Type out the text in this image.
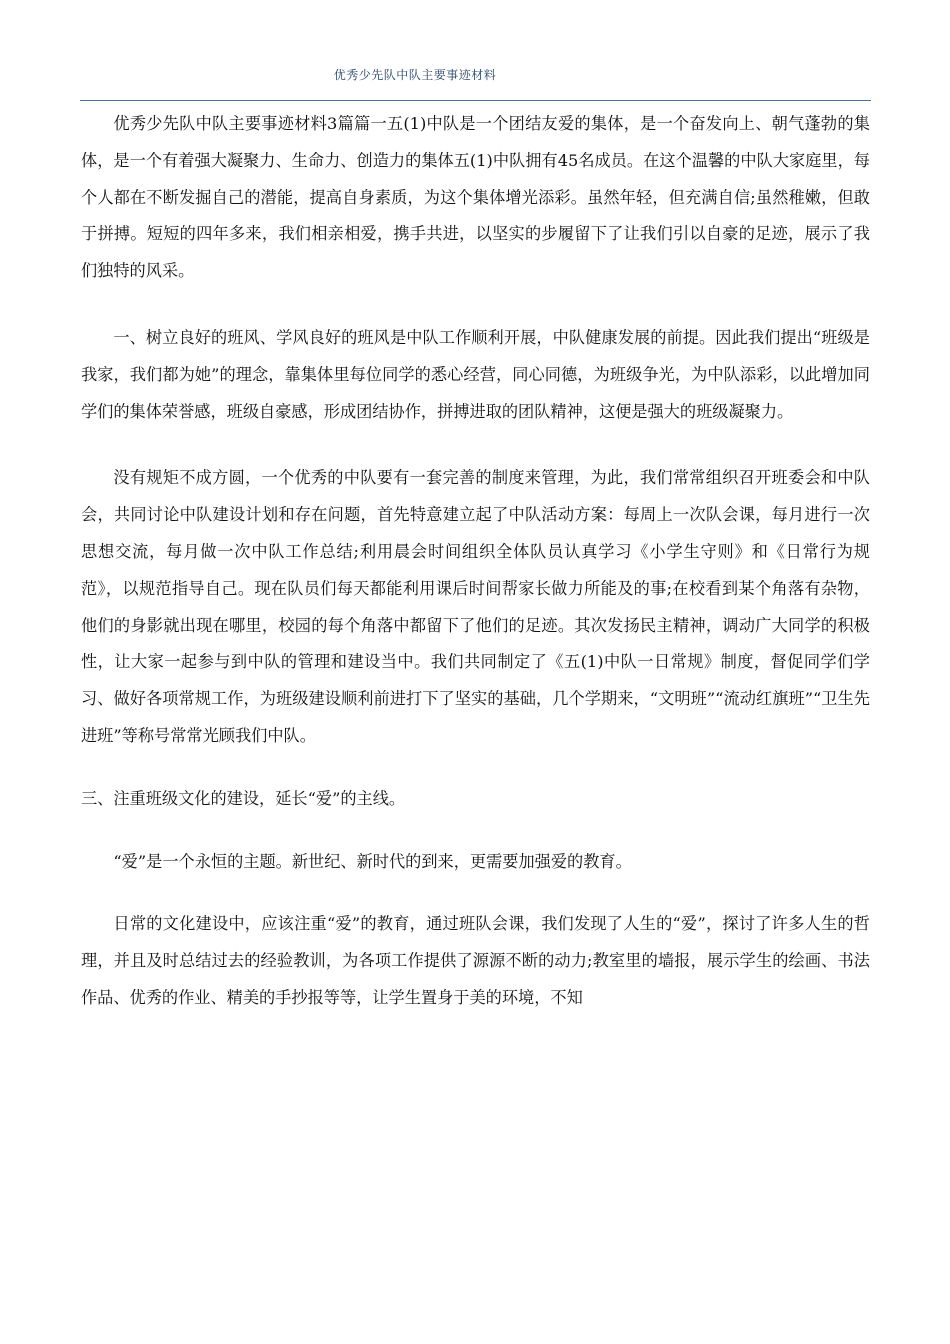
优秀少先队中队主要事迹材料

优秀少先队中队主要事迹材料3篇篇一五(1)中队是一个团结友爱的集体，是一个奋发向上、朝气蓬勃的集体，是一个有着强大凝聚力、生命力、创造力的集体五(1)中队拥有45名成员。在这个温馨的中队大家庭里，每个人都在不断发掘自己的潜能，提高自身素质，为这个集体增光添彩。虽然年轻，但充满自信;虽然稚嫩，但敢于拼搏。短短的四年多来，我们相亲相爱，携手共进，以坚实的步履留下了让我们引以自豪的足迹，展示了我们独特的风采。

一、树立良好的班风、学风良好的班风是中队工作顺利开展，中队健康发展的前提。因此我们提出“班级是我家，我们都为她”的理念，靠集体里每位同学的悉心经营，同心同德，为班级争光，为中队添彩，以此增加同学们的集体荣誉感，班级自豪感，形成团结协作，拼搏进取的团队精神，这便是强大的班级凝聚力。

没有规矩不成方圆，一个优秀的中队要有一套完善的制度来管理，为此，我们常常组织召开班委会和中队会，共同讨论中队建设计划和存在问题，首先特意建立起了中队活动方案：每周上一次队会课，每月进行一次思想交流，每月做一次中队工作总结;利用晨会时间组织全体队员认真学习《小学生守则》和《日常行为规范》，以规范指导自己。现在队员们每天都能利用课后时间帮家长做力所能及的事;在校看到某个角落有杂物，他们的身影就出现在哪里，校园的每个角落中都留下了他们的足迹。其次发扬民主精神，调动广大同学的积极性，让大家一起参与到中队的管理和建设当中。我们共同制定了《五(1)中队一日常规》制度，督促同学们学习、做好各项常规工作，为班级建设顺利前进打下了坚实的基础，几个学期来，“文明班”“流动红旗班”“卫生先进班”等称号常常光顾我们中队。

三、注重班级文化的建设，延长“爱”的主线。

“爱”是一个永恒的主题。新世纪、新时代的到来，更需要加强爱的教育。

日常的文化建设中，应该注重“爱”的教育，通过班队会课，我们发现了人生的“爱”，探讨了许多人生的哲理，并且及时总结过去的经验教训，为各项工作提供了源源不断的动力;教室里的墙报，展示学生的绘画、书法作品、优秀的作业、精美的手抄报等等，让学生置身于美的环境，不知
